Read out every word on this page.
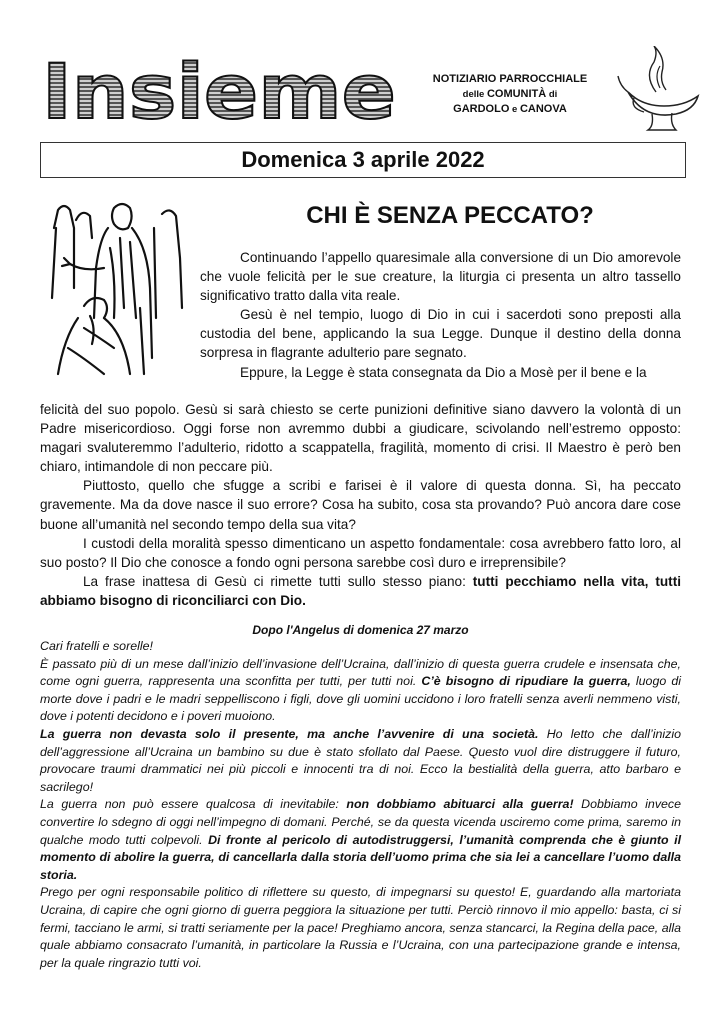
Insieme	NOTIZIARIO PARROCCHIALE
delle COMUNITÀ di
GARDOLO e CANOVA
Domenica 3 aprile 2022
CHI È SENZA PECCATO?

Continuando l’appello quaresimale alla conversione di un Dio amorevole che vuole felicità per le sue creature, la liturgia ci presenta un altro tassello significativo tratto dalla vita reale.

Gesù è nel tempio, luogo di Dio in cui i sacerdoti sono preposti alla custodia del bene, applicando la sua Legge. Dunque il destino della donna sorpresa in flagrante adulterio pare segnato.

Eppure, la Legge è stata consegnata da Dio a Mosè per il bene e la

felicità del suo popolo. Gesù si sarà chiesto se certe punizioni definitive siano davvero la volontà di un Padre misericordioso. Oggi forse non avremmo dubbi a giudicare, scivolando nell’estremo opposto: magari svaluteremmo l’adulterio, ridotto a scappatella, fragilità, momento di crisi. Il Maestro è però ben chiaro, intimandole di non peccare più.

Piuttosto, quello che sfugge a scribi e farisei è il valore di questa donna. Sì, ha peccato gravemente. Ma da dove nasce il suo errore? Cosa ha subito, cosa sta provando? Può ancora dare cose buone all’umanità nel secondo tempo della sua vita?

I custodi della moralità spesso dimenticano un aspetto fondamentale: cosa avrebbero fatto loro, al suo posto? Il Dio che conosce a fondo ogni persona sarebbe così duro e irreprensibile?

La frase inattesa di Gesù ci rimette tutti sullo stesso piano: tutti pecchiamo nella vita, tutti abbiamo bisogno di riconciliarci con Dio.

Dopo l'Angelus di domenica 27 marzo

Cari fratelli e sorelle!

È passato più di un mese dall’inizio dell’invasione dell’Ucraina, dall’inizio di questa guerra crudele e insensata che, come ogni guerra, rappresenta una sconfitta per tutti, per tutti noi. C’è bisogno di ripudiare la guerra, luogo di morte dove i padri e le madri seppelliscono i figli, dove gli uomini uccidono i loro fratelli senza averli nemmeno visti, dove i potenti decidono e i poveri muoiono.

La guerra non devasta solo il presente, ma anche l’avvenire di una società. Ho letto che dall’inizio dell’aggressione all’Ucraina un bambino su due è stato sfollato dal Paese. Questo vuol dire distruggere il futuro, provocare traumi drammatici nei più piccoli e innocenti tra di noi. Ecco la bestialità della guerra, atto barbaro e sacrilego!

La guerra non può essere qualcosa di inevitabile: non dobbiamo abituarci alla guerra! Dobbiamo invece convertire lo sdegno di oggi nell’impegno di domani. Perché, se da questa vicenda usciremo come prima, saremo in qualche modo tutti colpevoli. Di fronte al pericolo di autodistruggersi, l’umanità comprenda che è giunto il momento di abolire la guerra, di cancellarla dalla storia dell’uomo prima che sia lei a cancellare l’uomo dalla storia.

Prego per ogni responsabile politico di riflettere su questo, di impegnarsi su questo! E, guardando alla martoriata Ucraina, di capire che ogni giorno di guerra peggiora la situazione per tutti. Perciò rinnovo il mio appello: basta, ci si fermi, tacciano le armi, si tratti seriamente per la pace! Preghiamo ancora, senza stancarci, la Regina della pace, alla quale abbiamo consacrato l’umanità, in particolare la Russia e l’Ucraina, con una partecipazione grande e intensa, per la quale ringrazio tutti voi.
